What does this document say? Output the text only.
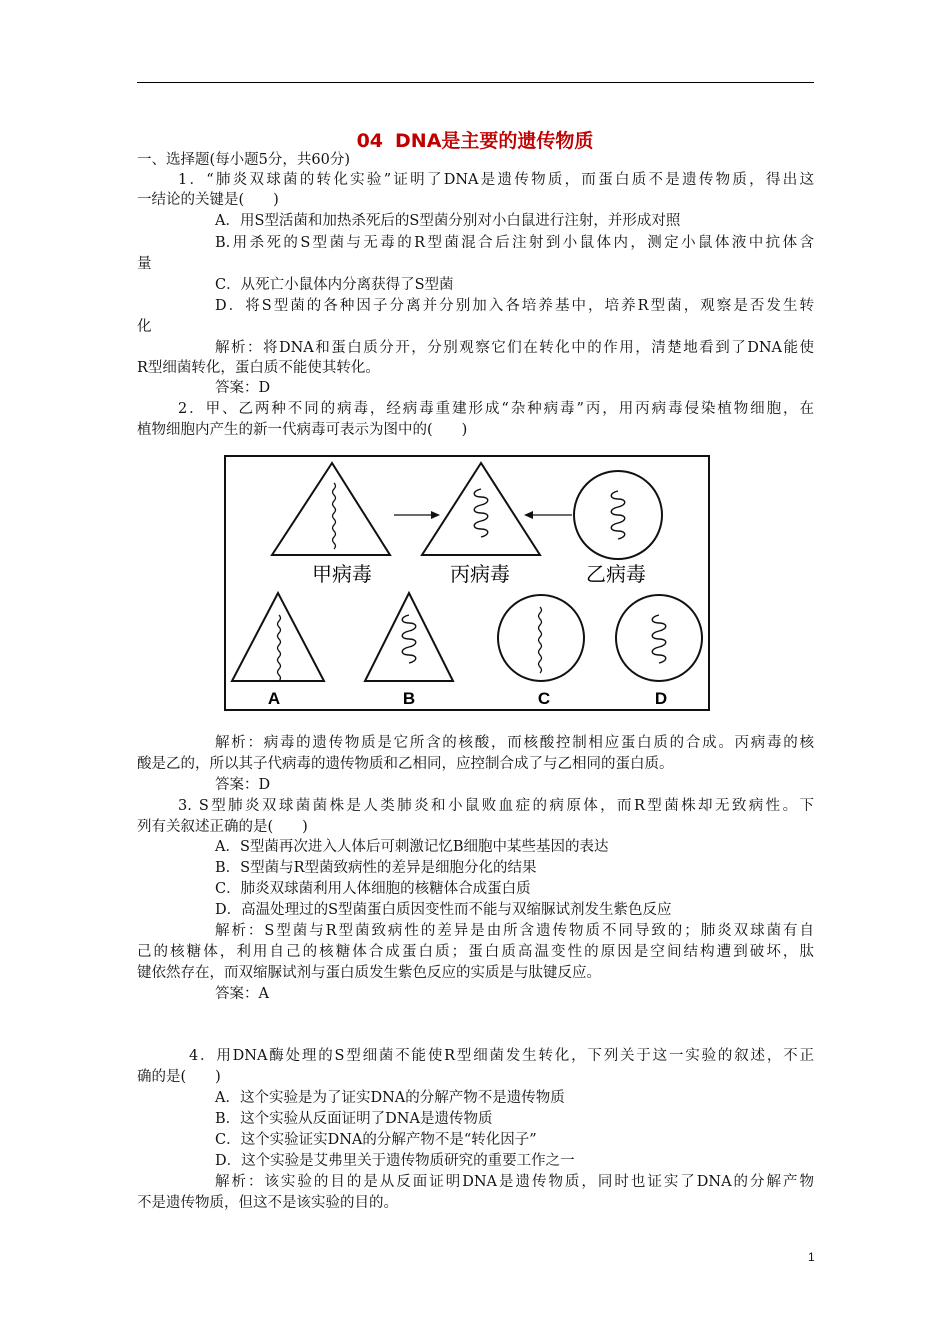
04 DNA是主要的遗传物质
一、选择题(每小题5分，共60分)
1．“肺炎双球菌的转化实验”证明了DNA是遗传物质，而蛋白质不是遗传物质，得出这
一结论的关键是(　　)
A．用S型活菌和加热杀死后的S型菌分别对小白鼠进行注射，并形成对照
B.用杀死的S型菌与无毒的R型菌混合后注射到小鼠体内，测定小鼠体液中抗体含
量
C．从死亡小鼠体内分离获得了S型菌
D．将S型菌的各种因子分离并分别加入各培养基中，培养R型菌，观察是否发生转
化
解析：将DNA和蛋白质分开，分别观察它们在转化中的作用，清楚地看到了DNA能使
R型细菌转化，蛋白质不能使其转化。
答案：D
2．甲、乙两种不同的病毒，经病毒重建形成“杂种病毒”丙，用丙病毒侵染植物细胞，在
植物细胞内产生的新一代病毒可表示为图中的(　　)
甲病毒	丙病毒	乙病毒
A	B	C	D
解析：病毒的遗传物质是它所含的核酸，而核酸控制相应蛋白质的合成。丙病毒的核
酸是乙的，所以其子代病毒的遗传物质和乙相同，应控制合成了与乙相同的蛋白质。
答案：D
3. S型肺炎双球菌菌株是人类肺炎和小鼠败血症的病原体，而R型菌株却无致病性。下
列有关叙述正确的是(　　)
A．S型菌再次进入人体后可刺激记忆B细胞中某些基因的表达
B．S型菌与R型菌致病性的差异是细胞分化的结果
C．肺炎双球菌利用人体细胞的核糖体合成蛋白质
D．高温处理过的S型菌蛋白质因变性而不能与双缩脲试剂发生紫色反应
解析：S型菌与R型菌致病性的差异是由所含遗传物质不同导致的；肺炎双球菌有自
己的核糖体，利用自己的核糖体合成蛋白质；蛋白质高温变性的原因是空间结构遭到破坏，肽
键依然存在，而双缩脲试剂与蛋白质发生紫色反应的实质是与肽键反应。
答案：A
4．用DNA酶处理的S型细菌不能使R型细菌发生转化，下列关于这一实验的叙述，不正
确的是(　　)
A．这个实验是为了证实DNA的分解产物不是遗传物质
B．这个实验从反面证明了DNA是遗传物质
C．这个实验证实DNA的分解产物不是“转化因子”
D．这个实验是艾弗里关于遗传物质研究的重要工作之一
解析：该实验的目的是从反面证明DNA是遗传物质，同时也证实了DNA的分解产物
不是遗传物质，但这不是该实验的目的。
1
